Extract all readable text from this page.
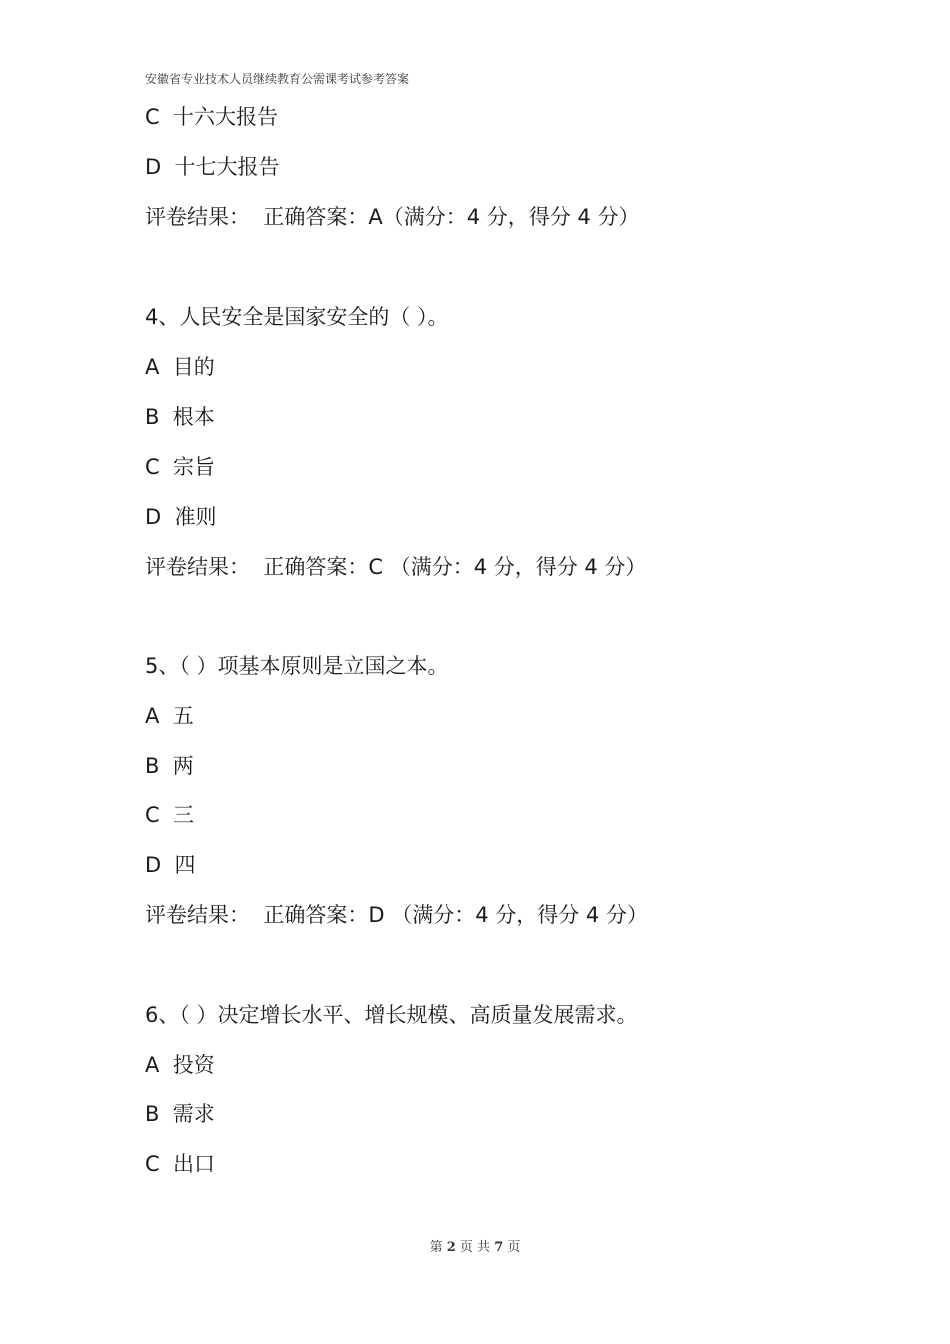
安徽省专业技术人员继续教育公需课考试参考答案
C  十六大报告
D  十七大报告
评卷结果：  正确答案：A（满分：4 分，得分 4 分）
4、人民安全是国家安全的（ ）。
A  目的
B  根本
C  宗旨
D  准则
评卷结果：  正确答案：C （满分：4 分，得分 4 分）
5、（ ）项基本原则是立国之本。
A  五
B  两
C  三
D  四
评卷结果：  正确答案：D （满分：4 分，得分 4 分）
6、（ ）决定增长水平、增长规模、高质量发展需求。
A  投资
B  需求
C  出口
第 2 页 共 7 页
